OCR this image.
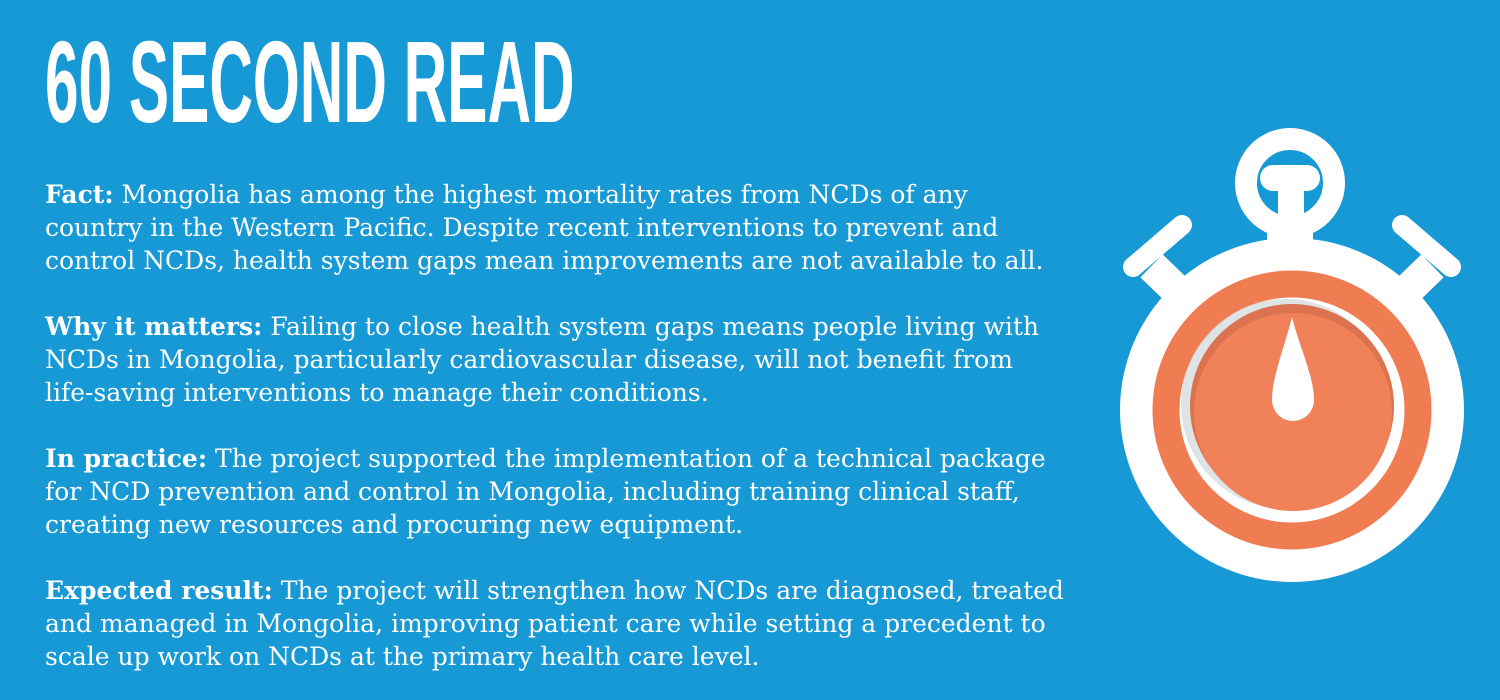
60 SECOND READ
Fact: Mongolia has among the highest mortality rates from NCDs of any
country in the Western Pacific. Despite recent interventions to prevent and
control NCDs, health system gaps mean improvements are not available to all.
Why it matters: Failing to close health system gaps means people living with
NCDs in Mongolia, particularly cardiovascular disease, will not benefit from
life-saving interventions to manage their conditions.
In practice: The project supported the implementation of a technical package
for NCD prevention and control in Mongolia, including training clinical staff,
creating new resources and procuring new equipment.
Expected result: The project will strengthen how NCDs are diagnosed, treated
and managed in Mongolia, improving patient care while setting a precedent to
scale up work on NCDs at the primary health care level.
